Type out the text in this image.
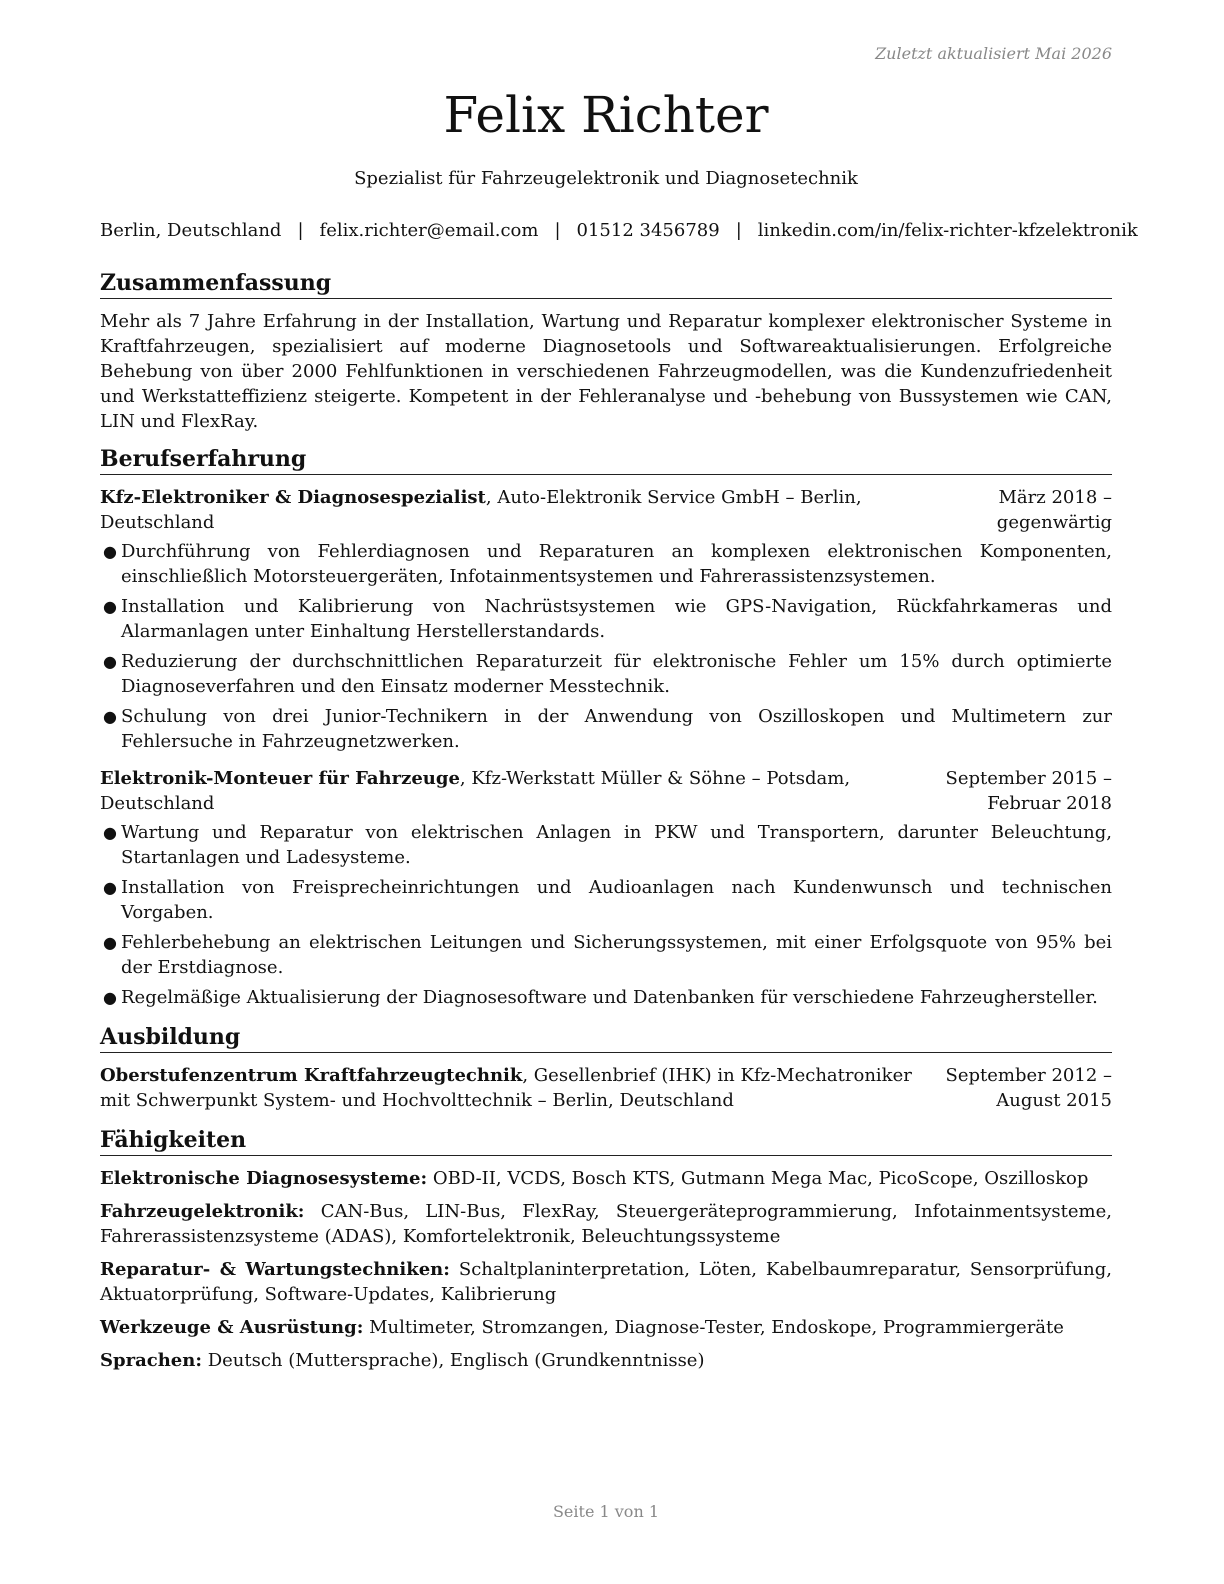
Zuletzt aktualisiert Mai 2026
Felix Richter
Spezialist für Fahrzeugelektronik und Diagnosetechnik
Berlin, Deutschland | felix.richter@email.com | 01512 3456789 | linkedin.com/in/felix-richter-kfzelektronik
Zusammenfassung

Mehr als 7 Jahre Erfahrung in der Installation, Wartung und Reparatur komplexer elektronischer Systeme in Kraftfahrzeugen, spezialisiert auf moderne Diagnosetools und Softwareaktualisierungen. Erfolgreiche Behebung von über 2000 Fehlfunktionen in verschiedenen Fahrzeugmodellen, was die Kundenzufriedenheit und Werkstatteffizienz steigerte. Kompetent in der Fehleranalyse und -behebung von Bussystemen wie CAN, LIN und FlexRay.

Berufserfahrung
Kfz-Elektroniker & Diagnosespezialist, Auto-Elektronik Service GmbH – Berlin, Deutschland
März 2018 – gegenwärtig
● Durchführung von Fehlerdiagnosen und Reparaturen an komplexen elektronischen Komponenten, einschließlich Motorsteuergeräten, Infotainmentsystemen und Fahrerassistenzsystemen.
● Installation und Kalibrierung von Nachrüstsystemen wie GPS-Navigation, Rückfahrkameras und Alarmanlagen unter Einhaltung Herstellerstandards.
● Reduzierung der durchschnittlichen Reparaturzeit für elektronische Fehler um 15% durch optimierte Diagnoseverfahren und den Einsatz moderner Messtechnik.
● Schulung von drei Junior-Technikern in der Anwendung von Oszilloskopen und Multimetern zur Fehlersuche in Fahrzeugnetzwerken.
Elektronik-Monteuer für Fahrzeuge, Kfz-Werkstatt Müller & Söhne – Potsdam, Deutschland
September 2015 – Februar 2018
● Wartung und Reparatur von elektrischen Anlagen in PKW und Transportern, darunter Beleuchtung, Startanlagen und Ladesysteme.
● Installation von Freisprecheinrichtungen und Audioanlagen nach Kundenwunsch und technischen Vorgaben.
● Fehlerbehebung an elektrischen Leitungen und Sicherungssystemen, mit einer Erfolgsquote von 95% bei der Erstdiagnose.
● Regelmäßige Aktualisierung der Diagnosesoftware und Datenbanken für verschiedene Fahrzeughersteller.
Ausbildung
Oberstufenzentrum Kraftfahrzeugtechnik, Gesellenbrief (IHK) in Kfz-Mechatroniker mit Schwerpunkt System- und Hochvolttechnik – Berlin, Deutschland
September 2012 – August 2015
Fähigkeiten

Elektronische Diagnosesysteme: OBD-II, VCDS, Bosch KTS, Gutmann Mega Mac, PicoScope, Oszilloskop

Fahrzeugelektronik: CAN-Bus, LIN-Bus, FlexRay, Steuergeräteprogrammierung, Infotainmentsysteme, Fahrerassistenzsysteme (ADAS), Komfortelektronik, Beleuchtungssysteme

Reparatur- & Wartungstechniken: Schaltplaninterpretation, Löten, Kabelbaumreparatur, Sensorprüfung, Aktuatorprüfung, Software-Updates, Kalibrierung

Werkzeuge & Ausrüstung: Multimeter, Stromzangen, Diagnose-Tester, Endoskope, Programmiergeräte

Sprachen: Deutsch (Muttersprache), Englisch (Grundkenntnisse)

Seite 1 von 1
